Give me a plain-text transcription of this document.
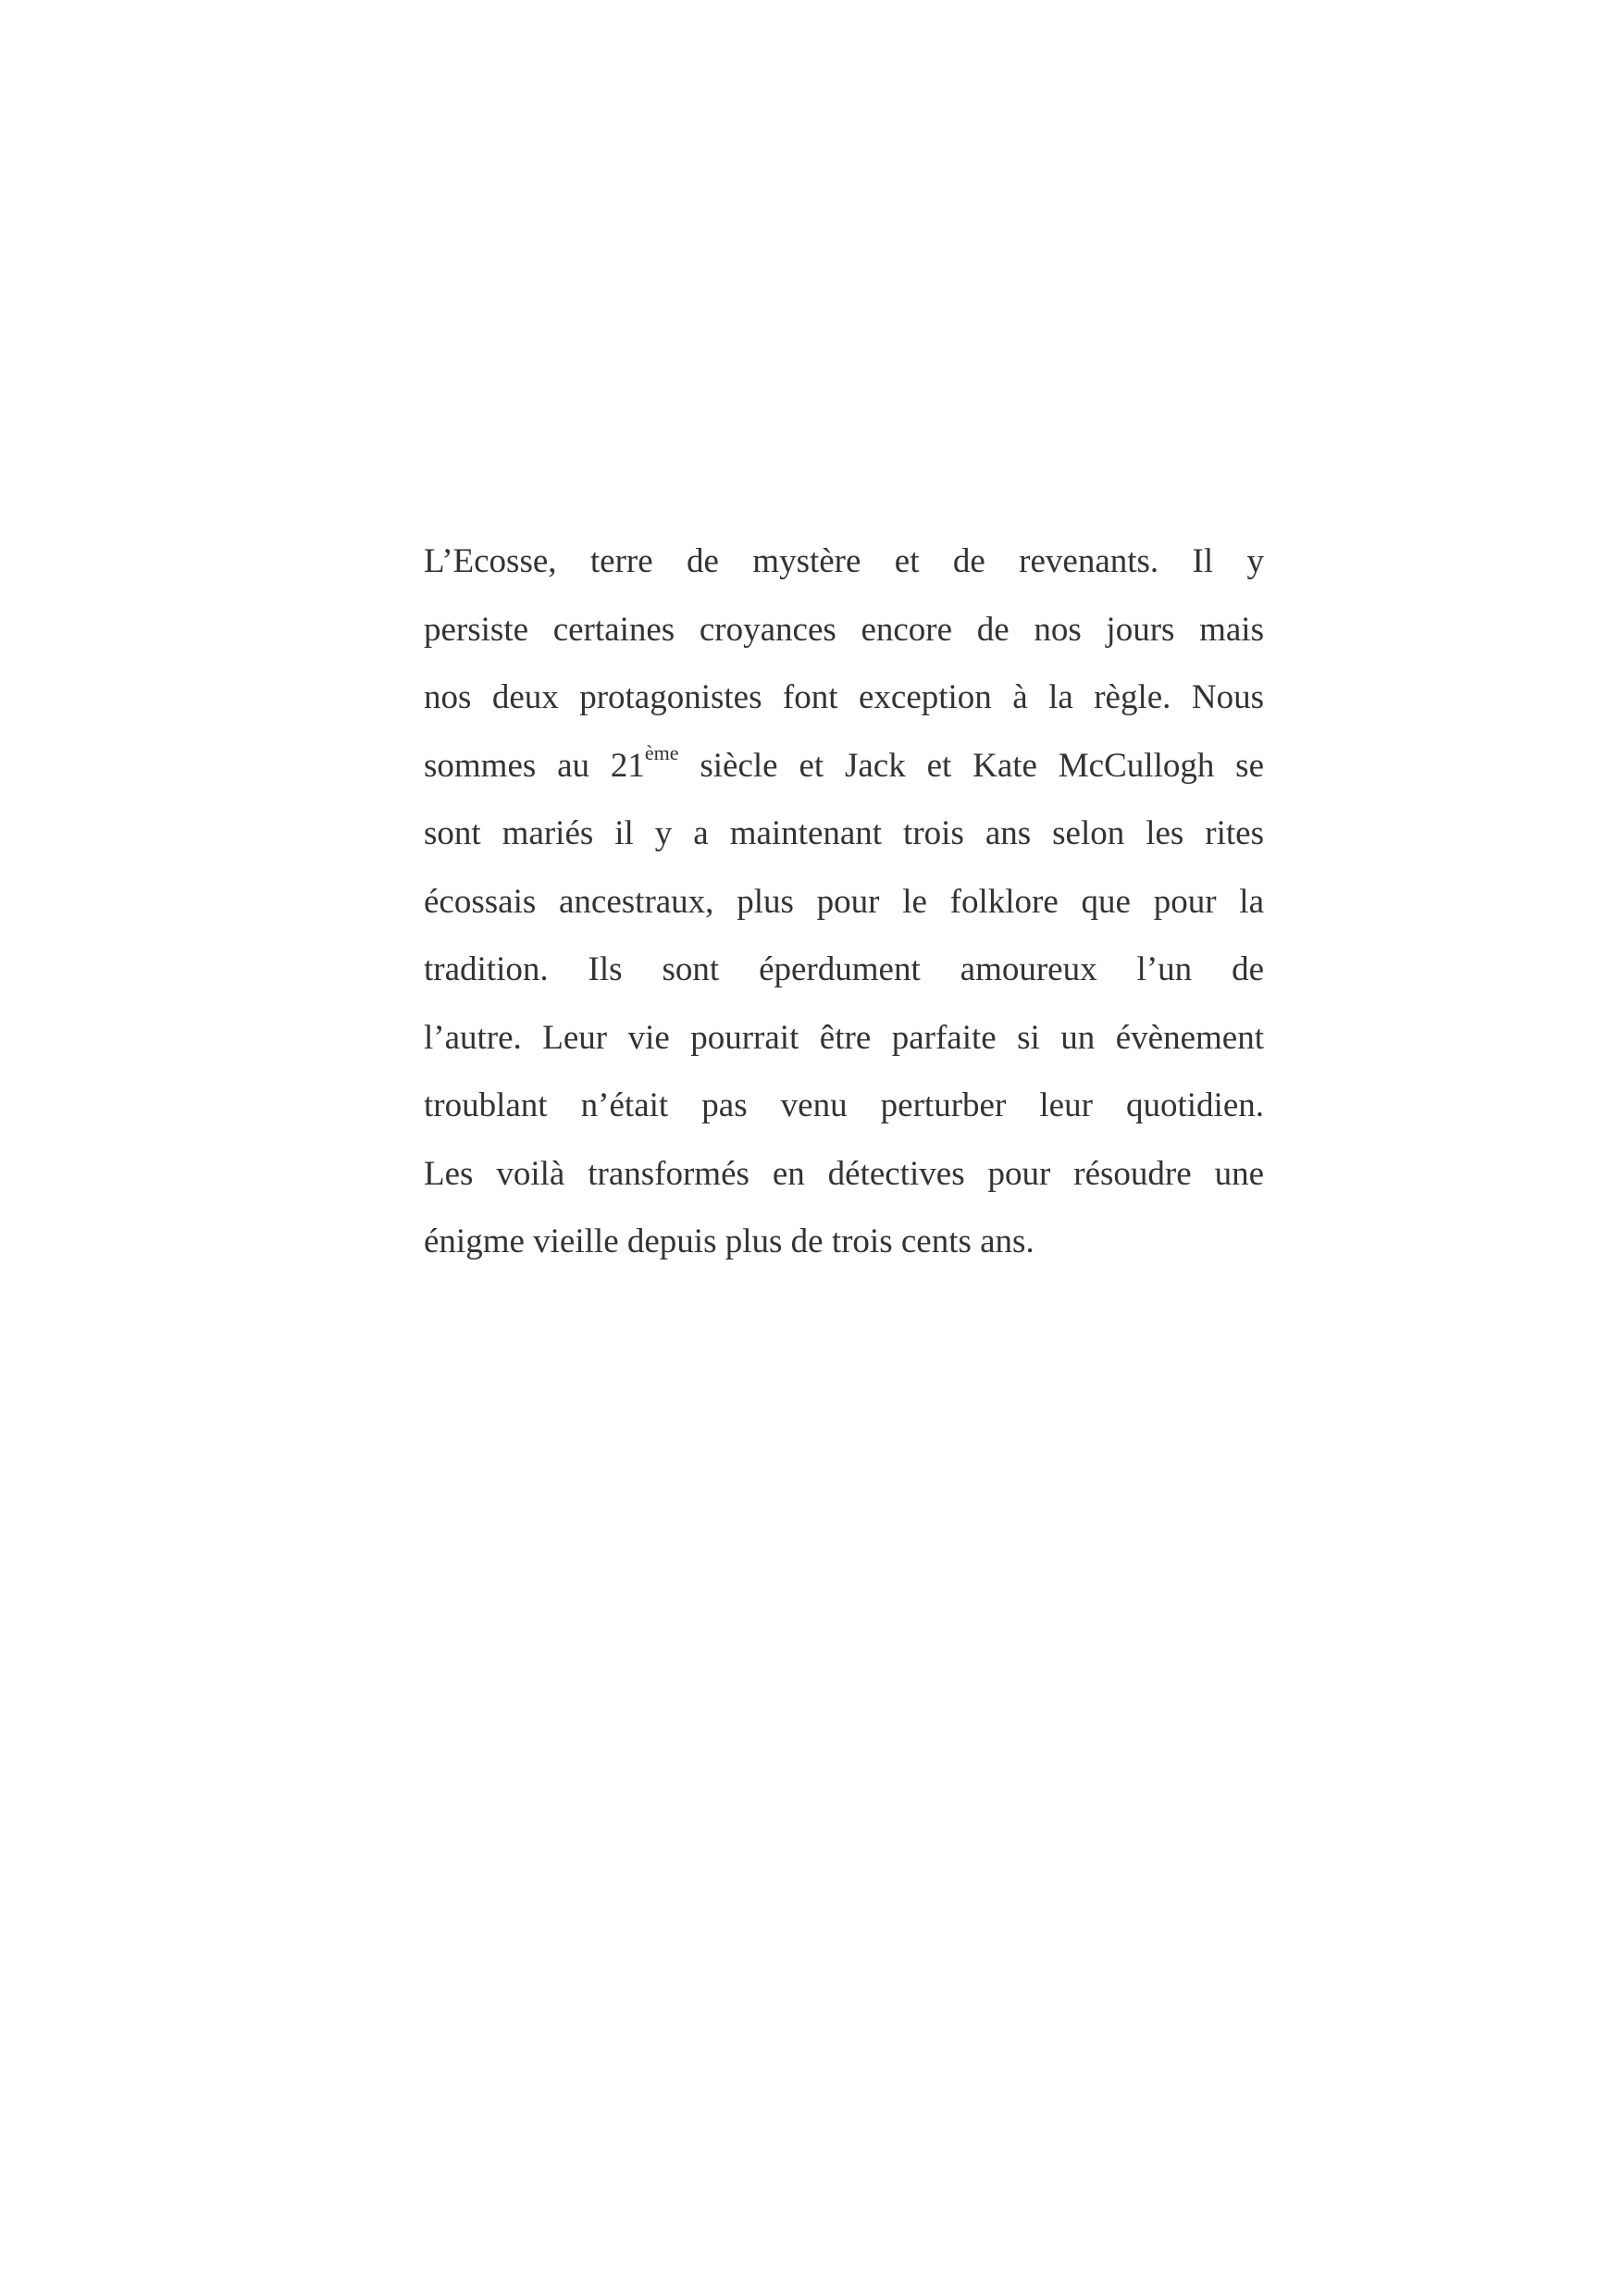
L’Ecosse, terre de mystère et de revenants. Il y
persiste certaines croyances encore de nos jours mais
nos deux protagonistes font exception à la règle. Nous
sommes au 21ème siècle et Jack et Kate McCullogh se
sont mariés il y a maintenant trois ans selon les rites
écossais ancestraux, plus pour le folklore que pour la
tradition. Ils sont éperdument amoureux l’un de
l’autre. Leur vie pourrait être parfaite si un évènement
troublant n’était pas venu perturber leur quotidien.
Les voilà transformés en détectives pour résoudre une
énigme vieille depuis plus de trois cents ans.
